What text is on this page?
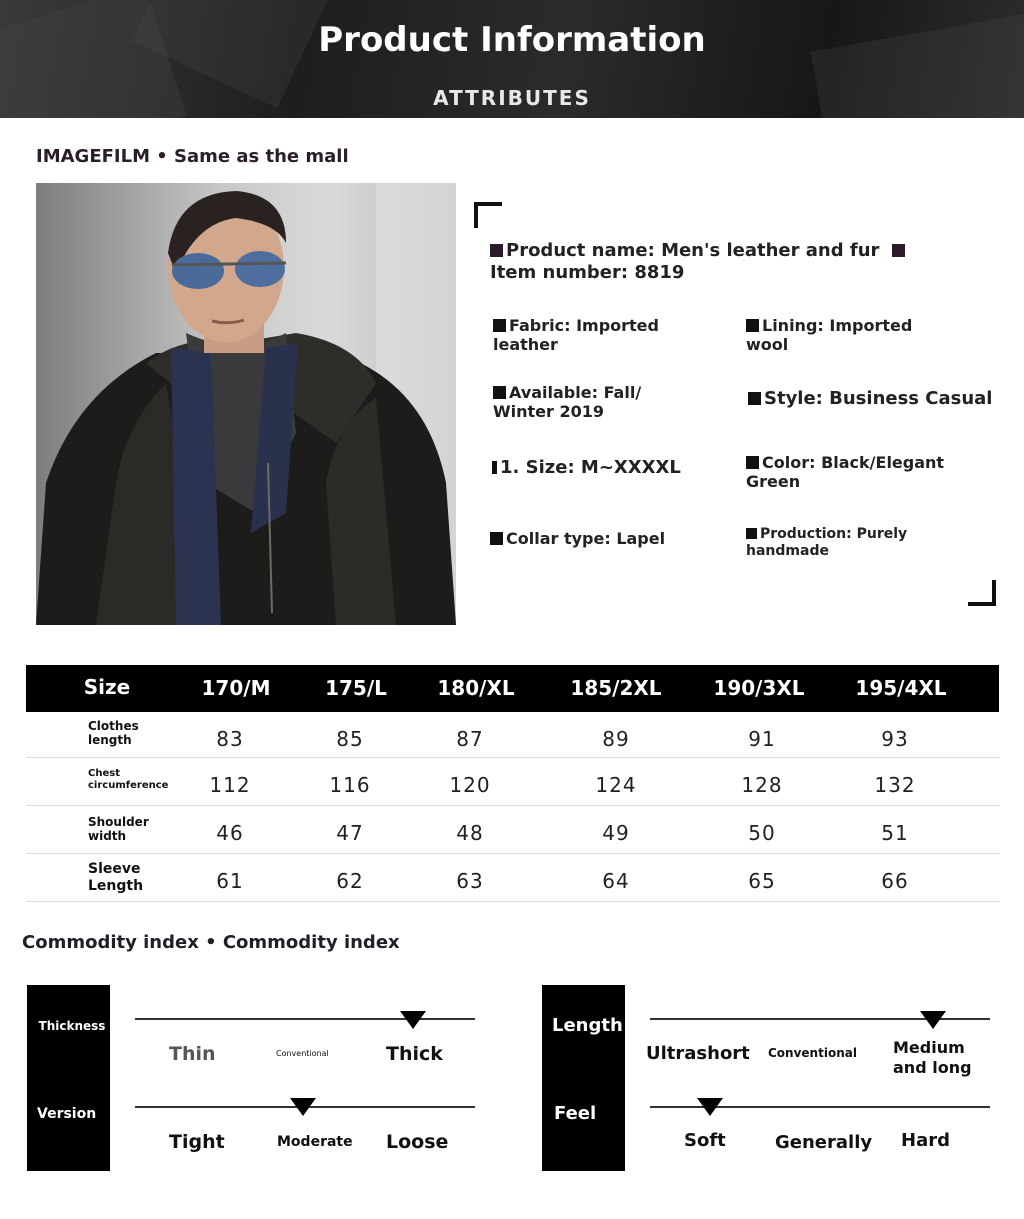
Product Information
ATTRIBUTES
IMAGEFILM • Same as the mall
Product name: Men's leather and fur Item number: 8819
Fabric: Imported leather
Lining: Imported wool
Available: Fall/ Winter 2019
Style: Business Casual
1. Size: M~XXXXL	Color: Black/Elegant Green
Collar type: Lapel	Production: Purely handmade
Size	170/M	175/L	180/XL	185/2XL	190/3XL	195/4XL
Clothes
length	83	85	87	89	91	93
Chest
circumference	112	116	120	124	128	132
Shoulder
width	46	47	48	49	50	51
Sleeve
Length	61	62	63	64	65	66
Commodity index • Commodity index
Thickness
Version
Thin	Conventional	Thick
Tight	Moderate Loose
Length
Feel
Ultrashort Conventional Medium and long
Soft	Generally Hard
